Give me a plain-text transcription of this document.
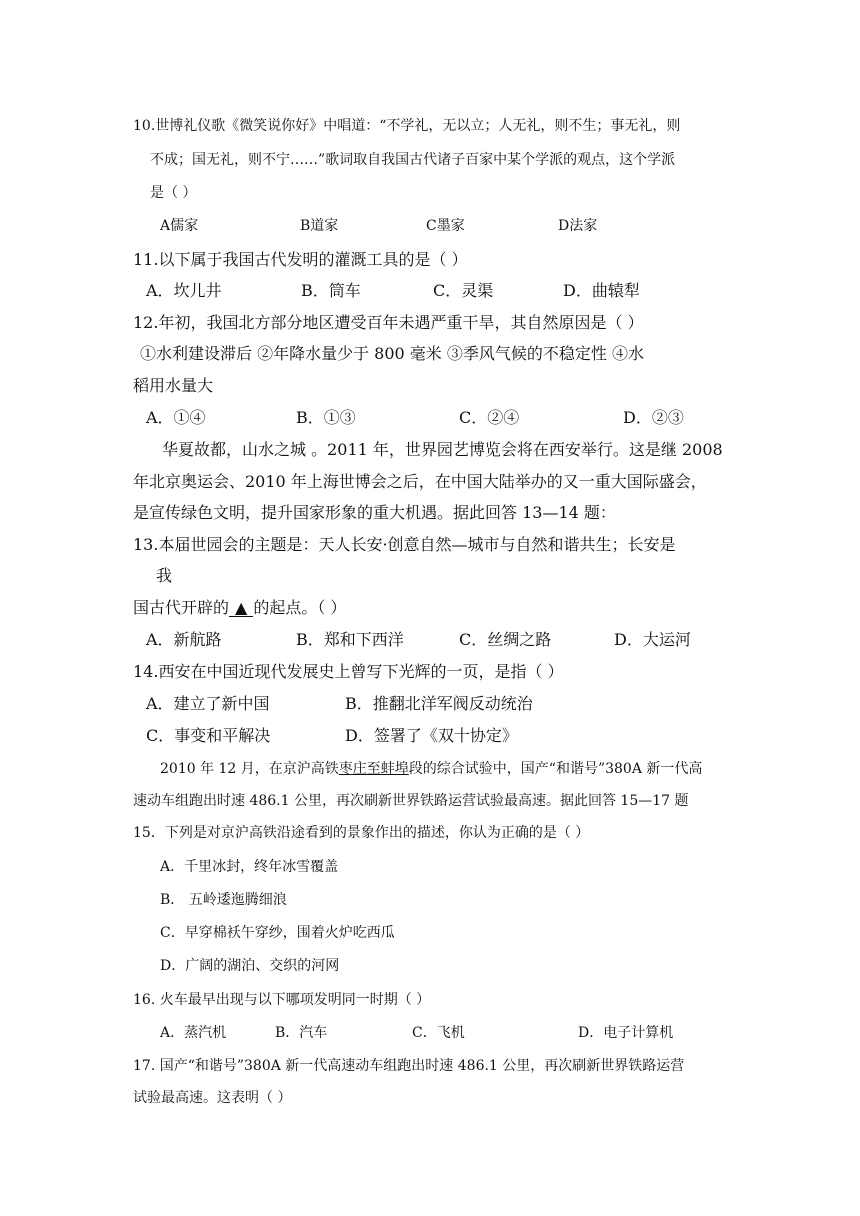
10.世博礼仪歌《微笑说你好》中唱道：“不学礼，无以立；人无礼，则不生；事无礼，则
不成；国无礼，则不宁……”歌词取自我国古代诸子百家中某个学派的观点，这个学派
是（ ）
A儒家	B道家	C墨家	D法家
11.以下属于我国古代发明的灌溉工具的是（ ）
A．坎儿井	B．筒车	C．灵渠	D．曲辕犁
12.年初，我国北方部分地区遭受百年未遇严重干旱，其自然原因是（ ）
①水利建设滞后 ②年降水量少于 800 毫米 ③季风气候的不稳定性 ④水
稻用水量大
A．①④	B．①③	C．②④	D．②③
华夏故都，山水之城 。2011 年，世界园艺博览会将在西安举行。这是继 2008
年北京奥运会、2010 年上海世博会之后，在中国大陆举办的又一重大国际盛会，
是宣传绿色文明，提升国家形象的重大机遇。据此回答 13—14 题：
13.本届世园会的主题是：天人长安·创意自然—城市与自然和谐共生；长安是
我
国古代开辟的 ▲ 的起点。（ ）
A．新航路	B．郑和下西洋	C．丝绸之路	D．大运河
14.西安在中国近现代发展史上曾写下光辉的一页，是指（ ）
A．建立了新中国	B．推翻北洋军阀反动统治
C．事变和平解决	D．签署了《双十协定》
2010 年 12 月，在京沪高铁枣庄至蚌埠段的综合试验中，国产“和谐号”380A 新一代高
速动车组跑出时速 486.1 公里，再次刷新世界铁路运营试验最高速。据此回答 15—17 题
15．下列是对京沪高铁沿途看到的景象作出的描述，你认为正确的是（ ）
A．千里冰封，终年冰雪覆盖
B． 五岭逶迤腾细浪
C．早穿棉袄午穿纱，围着火炉吃西瓜
D．广阔的湖泊、交织的河网
16. 火车最早出现与以下哪项发明同一时期（ ）
A．蒸汽机	B．汽车	C．飞机	D．电子计算机
17. 国产“和谐号”380A 新一代高速动车组跑出时速 486.1 公里，再次刷新世界铁路运营
试验最高速。这表明（ ）
